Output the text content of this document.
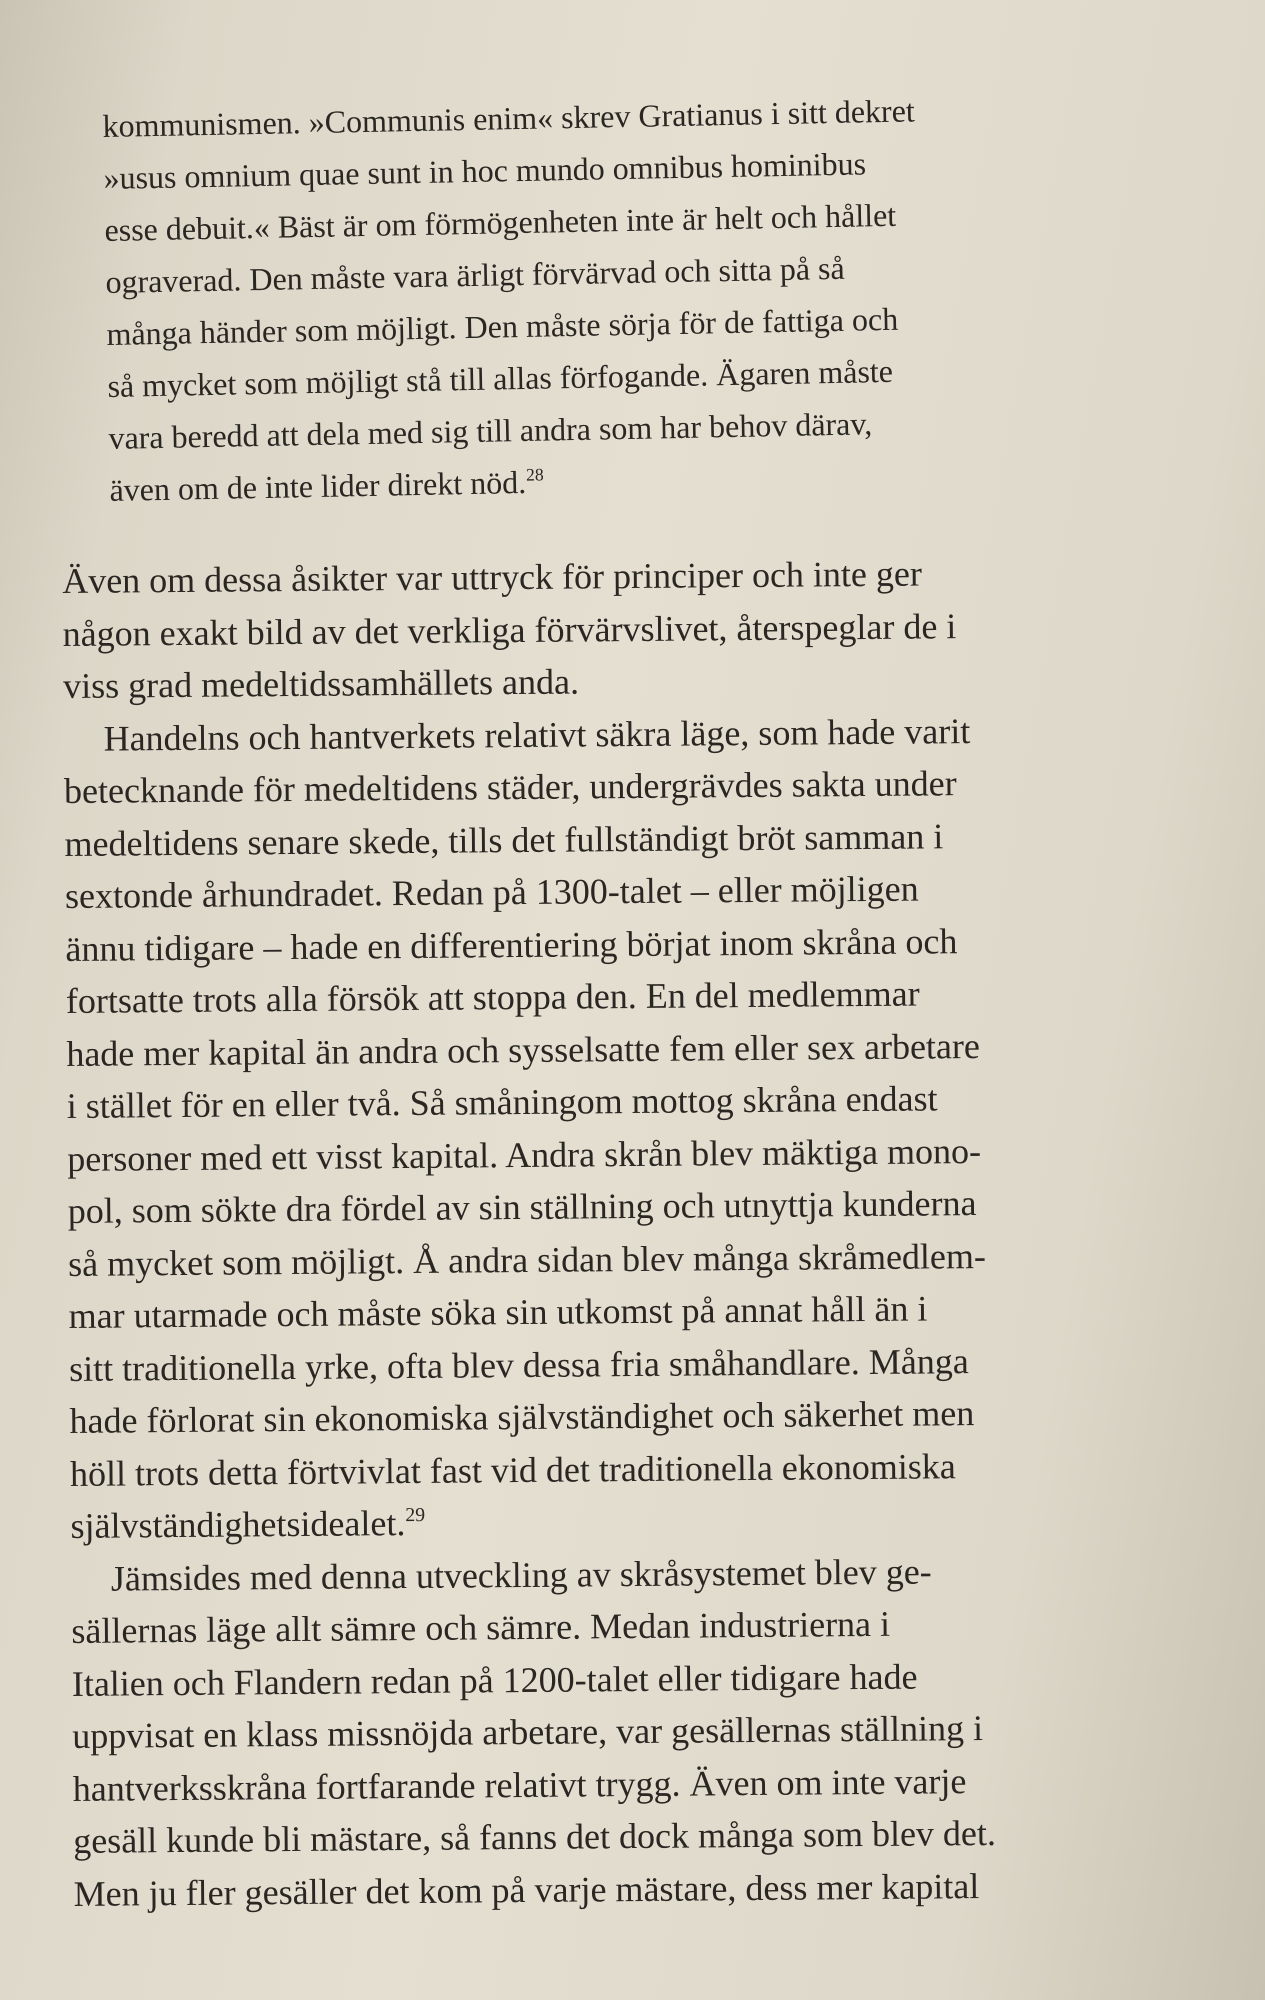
kommunismen. »Communis enim« skrev Gratianus i sitt dekret
»usus omnium quae sunt in hoc mundo omnibus hominibus
esse debuit.« Bäst är om förmögenheten inte är helt och hållet
ograverad. Den måste vara ärligt förvärvad och sitta på så
många händer som möjligt. Den måste sörja för de fattiga och
så mycket som möjligt stå till allas förfogande. Ägaren måste
vara beredd att dela med sig till andra som har behov därav,
även om de inte lider direkt nöd.$^{28}$
Även om dessa åsikter var uttryck för principer och inte ger
någon exakt bild av det verkliga förvärvslivet, återspeglar de i
viss grad medeltidssamhällets anda.
Handelns och hantverkets relativt säkra läge, som hade varit
betecknande för medeltidens städer, undergrävdes sakta under
medeltidens senare skede, tills det fullständigt bröt samman i
sextonde århundradet. Redan på 1300-talet – eller möjligen
ännu tidigare – hade en differentiering börjat inom skråna och
fortsatte trots alla försök att stoppa den. En del medlemmar
hade mer kapital än andra och sysselsatte fem eller sex arbetare
i stället för en eller två. Så småningom mottog skråna endast
personer med ett visst kapital. Andra skrån blev mäktiga mono-
pol, som sökte dra fördel av sin ställning och utnyttja kunderna
så mycket som möjligt. Å andra sidan blev många skråmedlem-
mar utarmade och måste söka sin utkomst på annat håll än i
sitt traditionella yrke, ofta blev dessa fria småhandlare. Många
hade förlorat sin ekonomiska självständighet och säkerhet men
höll trots detta förtvivlat fast vid det traditionella ekonomiska
självständighetsidealet.$^{29}$
Jämsides med denna utveckling av skråsystemet blev ge-
sällernas läge allt sämre och sämre. Medan industrierna i
Italien och Flandern redan på 1200-talet eller tidigare hade
uppvisat en klass missnöjda arbetare, var gesällernas ställning i
hantverksskråna fortfarande relativt trygg. Även om inte varje
gesäll kunde bli mästare, så fanns det dock många som blev det.
Men ju fler gesäller det kom på varje mästare, dess mer kapital
